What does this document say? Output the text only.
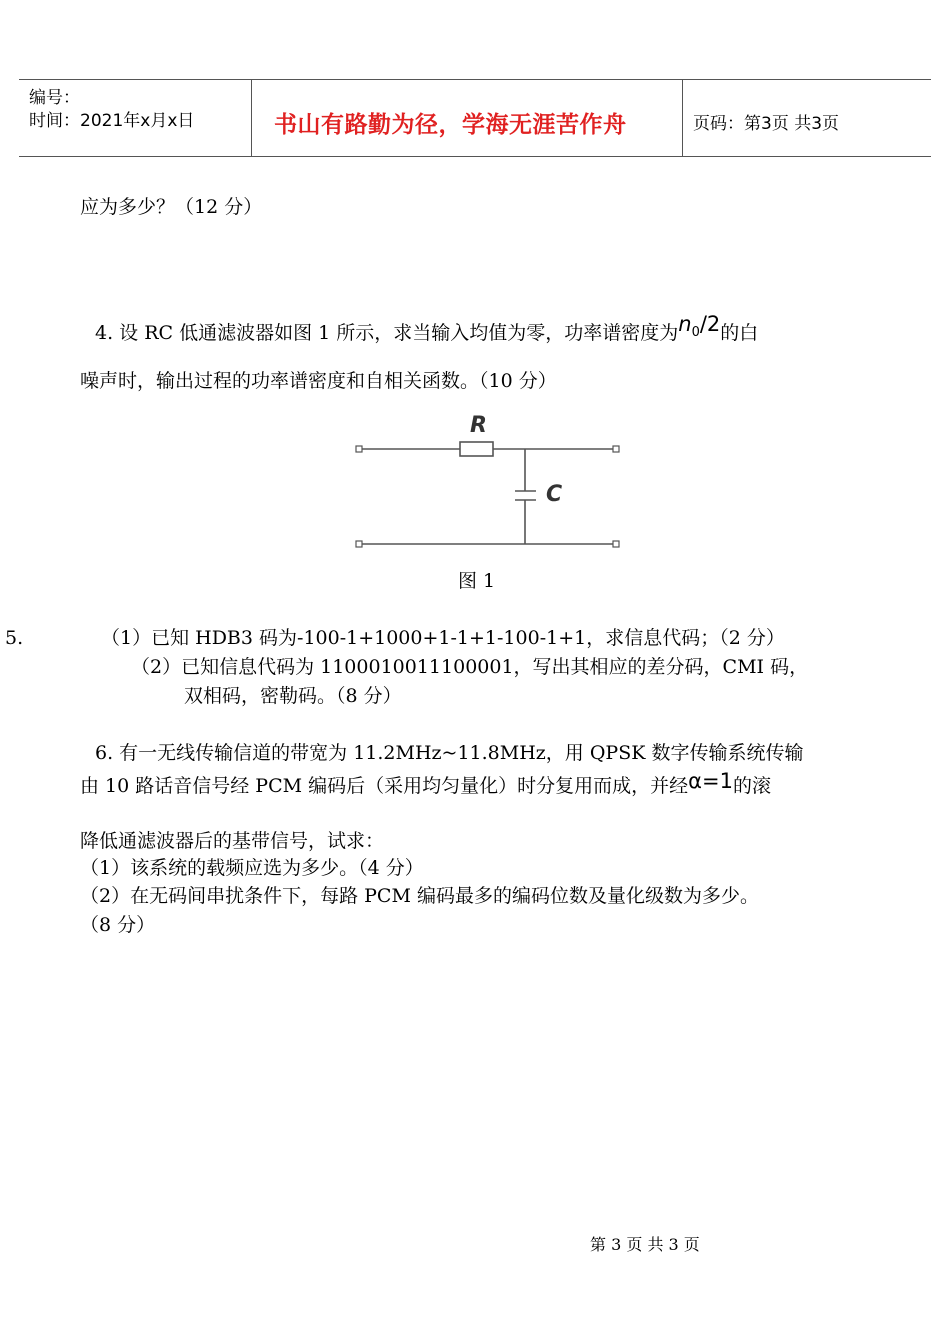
编号：
时间：2021年x月x日	书山有路勤为径，学海无涯苦作舟	页码：第3页 共3页
应为多少？（12 分）
4. 设 RC 低通滤波器如图 1 所示，求当输入均值为零，功率谱密度为$n_0/2$的白
噪声时，输出过程的功率谱密度和自相关函数。（10 分）
R
C
图 1
5.	（1）已知 HDB3 码为-100-1+1000+1-1+1-100-1+1，求信息代码；（2 分）
（2）已知信息代码为 1100010011100001，写出其相应的差分码，CMI 码，
双相码，密勒码。（8 分）
6. 有一无线传输信道的带宽为 11.2MHz~11.8MHz，用 QPSK 数字传输系统传输
由 10 路话音信号经 PCM 编码后（采用均匀量化）时分复用而成，并经α=1的滚
降低通滤波器后的基带信号，试求：
（1）该系统的载频应选为多少。（4 分）
（2）在无码间串扰条件下，每路 PCM 编码最多的编码位数及量化级数为多少。
（8 分）
第 3 页 共 3 页
